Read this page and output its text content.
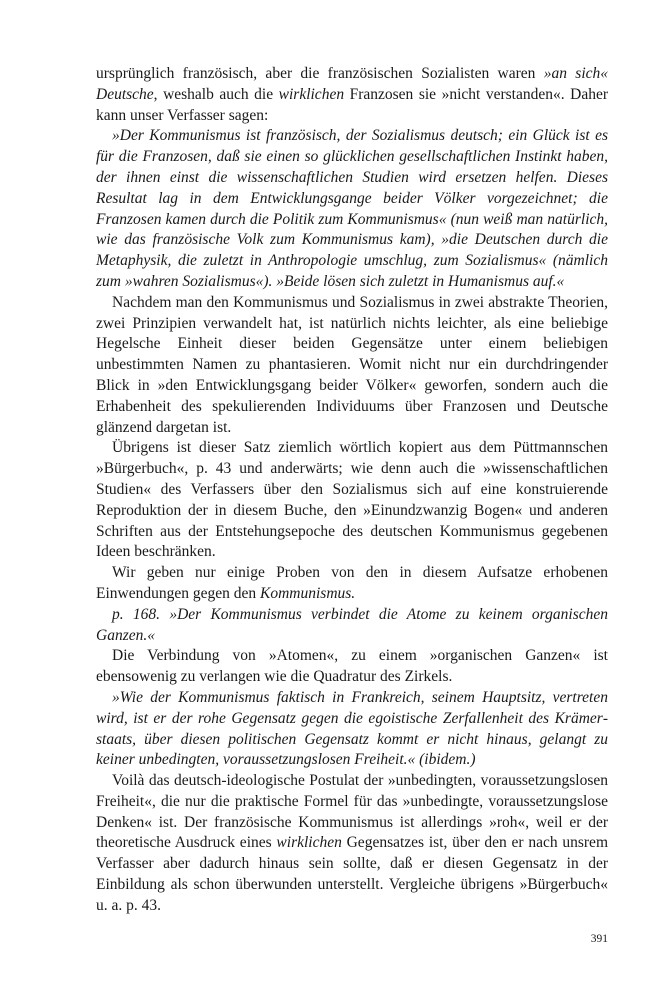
ursprünglich französisch, aber die französischen Sozialisten waren »an sich« Deutsche, weshalb auch die wirklichen Franzosen sie »nicht verstanden«. Daher kann unser Verfasser sagen:

»Der Kommunismus ist französisch, der Sozialismus deutsch; ein Glück ist es für die Franzosen, daß sie einen so glücklichen gesellschaftlichen Instinkt haben, der ihnen einst die wissenschaftlichen Studien wird ersetzen helfen. Dieses Resultat lag in dem Entwicklungsgange beider Völker vorgezeichnet; die Franzosen kamen durch die Politik zum Kommunismus« (nun weiß man natürlich, wie das französische Volk zum Kommunismus kam), »die Deutschen durch die Metaphysik, die zuletzt in Anthropologie umschlug, zum Sozialismus« (nämlich zum »wahren Sozialismus«). »Beide lösen sich zuletzt in Humanismus auf.«

Nachdem man den Kommunismus und Sozialismus in zwei abstrakte Theorien, zwei Prinzipien verwandelt hat, ist natürlich nichts leichter, als eine beliebige Hegelsche Einheit dieser beiden Gegensätze unter einem beliebigen unbestimmten Namen zu phantasieren. Womit nicht nur ein durchdringender Blick in »den Entwicklungsgang beider Völker« geworfen, sondern auch die Erhabenheit des spekulierenden Individuums über Franzosen und Deutsche glänzend dargetan ist.

Übrigens ist dieser Satz ziemlich wörtlich kopiert aus dem Püttmannschen »Bürgerbuch«, p. 43 und anderwärts; wie denn auch die »wissenschaftlichen Studien« des Verfassers über den Sozialismus sich auf eine konstruierende Reproduktion der in diesem Buche, den »Einundzwanzig Bogen« und anderen Schriften aus der Entstehungsepoche des deutschen Kommunismus gegebenen Ideen beschränken.

Wir geben nur einige Proben von den in diesem Aufsatze erhobenen Einwendungen gegen den Kommunismus.

p. 168. »Der Kommunismus verbindet die Atome zu keinem organischen Ganzen.«

Die Verbindung von »Atomen«, zu einem »organischen Ganzen« ist ebensowenig zu verlangen wie die Quadratur des Zirkels.

»Wie der Kommunismus faktisch in Frankreich, seinem Hauptsitz, vertreten wird, ist er der rohe Gegensatz gegen die egoistische Zerfallenheit des Krämerstaats, über diesen politischen Gegensatz kommt er nicht hinaus, gelangt zu keiner unbedingten, voraussetzungslosen Freiheit.« (ibidem.)

Voilà das deutsch-ideologische Postulat der »unbedingten, voraussetzungslosen Freiheit«, die nur die praktische Formel für das »unbedingte, voraussetzungslose Denken« ist. Der französische Kommunismus ist allerdings »roh«, weil er der theoretische Ausdruck eines wirklichen Gegensatzes ist, über den er nach unsrem Verfasser aber dadurch hinaus sein sollte, daß er diesen Gegensatz in der Einbildung als schon überwunden unterstellt. Vergleiche übrigens »Bürgerbuch« u. a. p. 43.

391
